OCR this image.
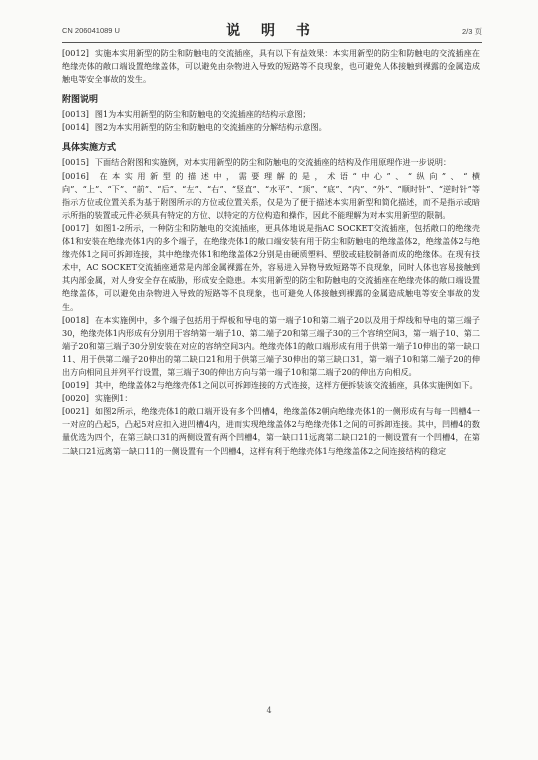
CN 206041089 U	说 明 书	2/3 页

[0012] 实施本实用新型的防尘和防触电的交流插座，具有以下有益效果：本实用新型的防尘和防触电的交流插座在绝缘壳体的敞口端设置绝缘盖体，可以避免由杂物进入导致的短路等不良现象，也可避免人体接触到裸露的金属造成触电等安全事故的发生。

附图说明

[0013] 图1为本实用新型的防尘和防触电的交流插座的结构示意图；

[0014] 图2为本实用新型的防尘和防触电的交流插座的分解结构示意图。

具体实施方式

[0015] 下面结合附图和实施例，对本实用新型的防尘和防触电的交流插座的结构及作用原理作进一步说明：

[0016] 在本实用新型的描述中，需要理解的是，术语“中心”、“纵向”、“横向”、“上”、“下”、“前”、“后”、“左”、“右”、“竖直”、“水平”、“顶”、“底”、“内”、“外”、“顺时针”、“逆时针”等指示方位或位置关系为基于附图所示的方位或位置关系，仅是为了便于描述本实用新型和简化描述，而不是指示或暗示所指的装置或元件必须具有特定的方位、以特定的方位构造和操作，因此不能理解为对本实用新型的限制。

[0017] 如图1-2所示，一种防尘和防触电的交流插座，更具体地说是指AC SOCKET交流插座，包括敞口的绝缘壳体1和安装在绝缘壳体1内的多个端子，在绝缘壳体1的敞口端安装有用于防尘和防触电的绝缘盖体2，绝缘盖体2与绝缘壳体1之间可拆卸连接，其中绝缘壳体1和绝缘盖体2分别是由硬质塑料、塑胶或硅胶制备而成的绝缘体。在现有技术中，AC SOCKET交流插座通常是内部金属裸露在外，容易进入异物导致短路等不良现象，同时人体也容易接触到其内部金属，对人身安全存在威胁，形成安全隐患。本实用新型的防尘和防触电的交流插座在绝缘壳体的敞口端设置绝缘盖体，可以避免由杂物进入导致的短路等不良现象，也可避免人体接触到裸露的金属造成触电等安全事故的发生。

[0018] 在本实施例中，多个端子包括用于焊板和导电的第一端子10和第二端子20以及用于焊线和导电的第三端子30，绝缘壳体1内形成有分别用于容纳第一端子10、第二端子20和第三端子30的三个容纳空间3，第一端子10、第二端子20和第三端子30分别安装在对应的容纳空间3内。绝缘壳体1的敞口端形成有用于供第一端子10伸出的第一缺口11、用于供第二端子20伸出的第二缺口21和用于供第三端子30伸出的第三缺口31，第一端子10和第二端子20的伸出方向相同且并列平行设置，第三端子30的伸出方向与第一端子10和第二端子20的伸出方向相反。

[0019] 其中，绝缘盖体2与绝缘壳体1之间以可拆卸连接的方式连接，这样方便拆装该交流插座，具体实施例如下。

[0020] 实施例1：

[0021] 如图2所示，绝缘壳体1的敞口端开设有多个凹槽4，绝缘盖体2朝向绝缘壳体1的一侧形成有与每一凹槽4一一对应的凸起5，凸起5对应扣入进凹槽4内，进而实现绝缘盖体2与绝缘壳体1之间的可拆卸连接。其中，凹槽4的数量优选为四个，在第三缺口31的两侧设置有两个凹槽4，第一缺口11远离第二缺口21的一侧设置有一个凹槽4，在第二缺口21远离第一缺口11的一侧设置有一个凹槽4，这样有利于绝缘壳体1与绝缘盖体2之间连接结构的稳定

4
